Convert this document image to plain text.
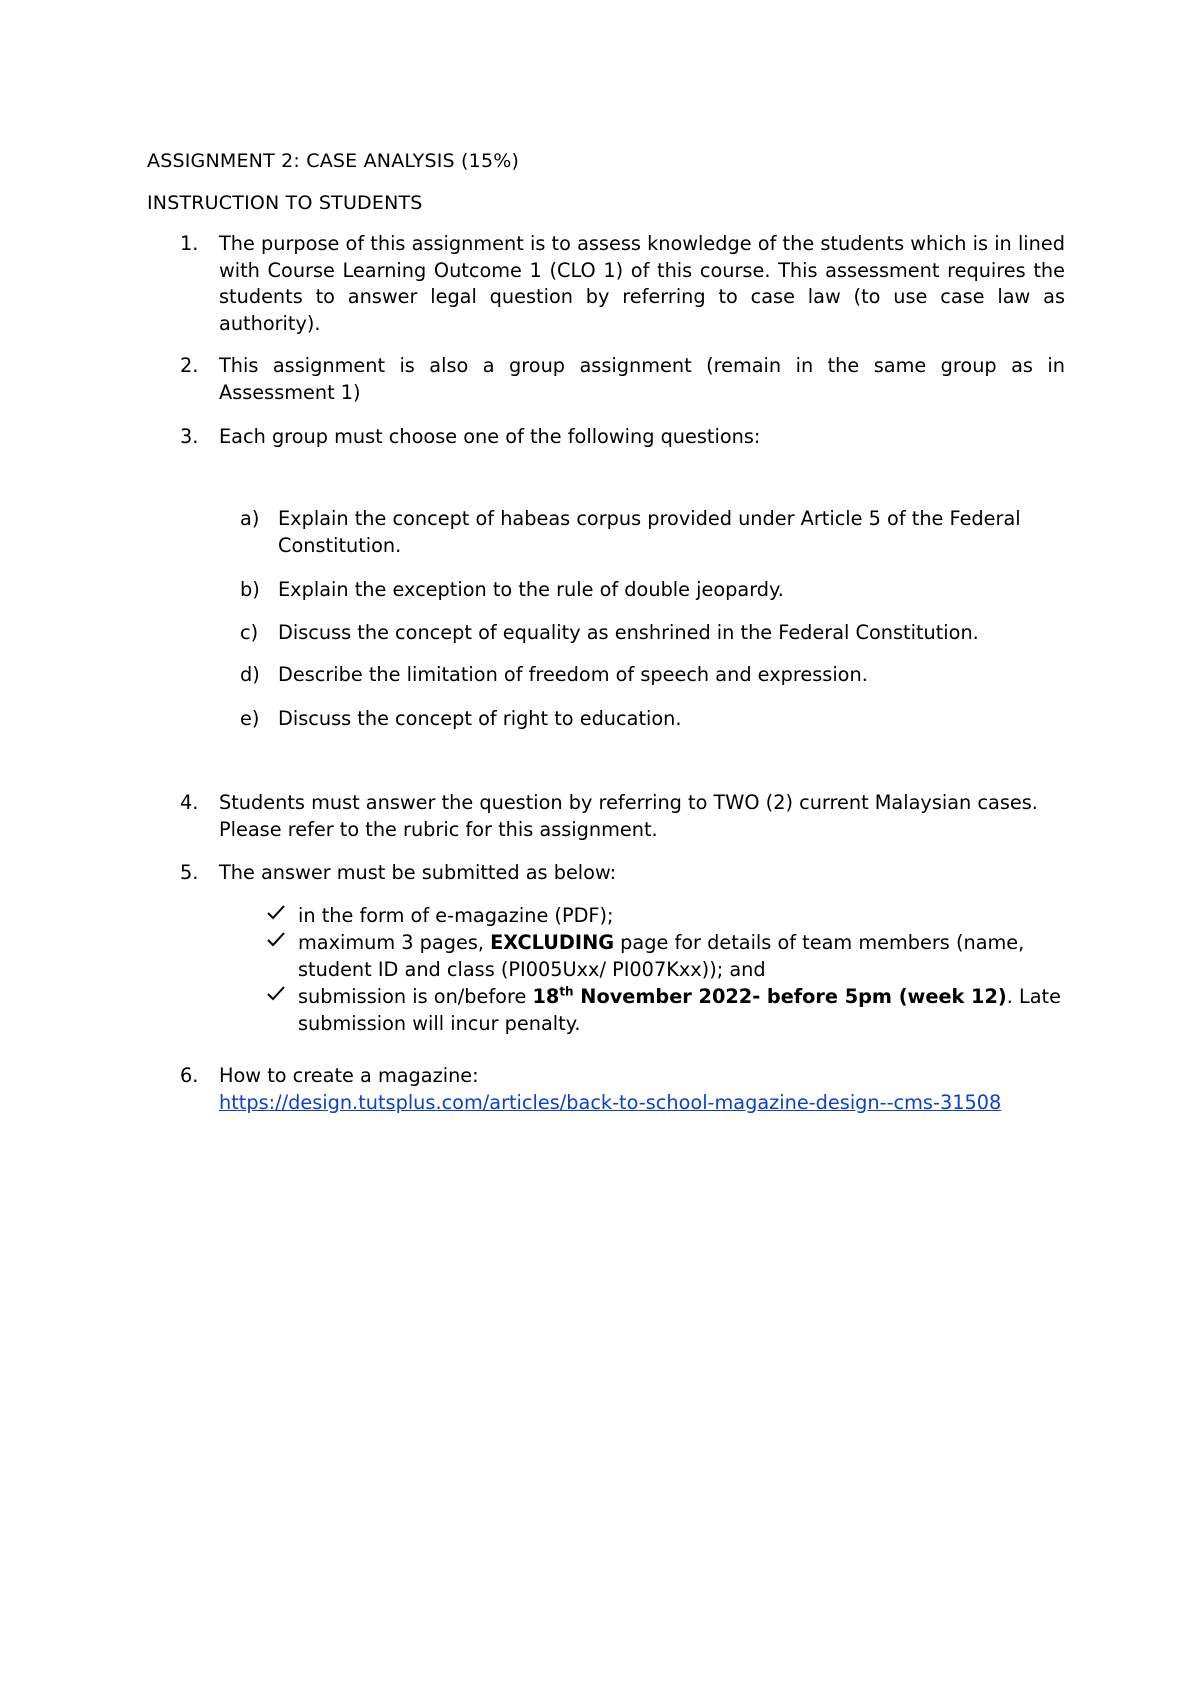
ASSIGNMENT 2: CASE ANALYSIS (15%)
INSTRUCTION TO STUDENTS
1.	The purpose of this assignment is to assess knowledge of the students which is in lined with Course Learning Outcome 1 (CLO 1) of this course. This assessment requires the students to answer legal question by referring to case law (to use case law as authority).
2.	This assignment is also a group assignment (remain in the same group as in Assessment 1)
3.	Each group must choose one of the following questions:
a) Explain the concept of habeas corpus provided under Article 5 of the Federal Constitution.
b) Explain the exception to the rule of double jeopardy.
c) Discuss the concept of equality as enshrined in the Federal Constitution.
d) Describe the limitation of freedom of speech and expression.
e) Discuss the concept of right to education.
4.	Students must answer the question by referring to TWO (2) current Malaysian cases. Please refer to the rubric for this assignment.
5.	The answer must be submitted as below:
in the form of e-magazine (PDF);
maximum 3 pages, EXCLUDING page for details of team members (name, student ID and class (PI005Uxx/ PI007Kxx)); and
submission is on/before 18th November 2022- before 5pm (week 12). Late submission will incur penalty.
6.	How to create a magazine:
https://design.tutsplus.com/articles/back-to-school-magazine-design--cms-31508
